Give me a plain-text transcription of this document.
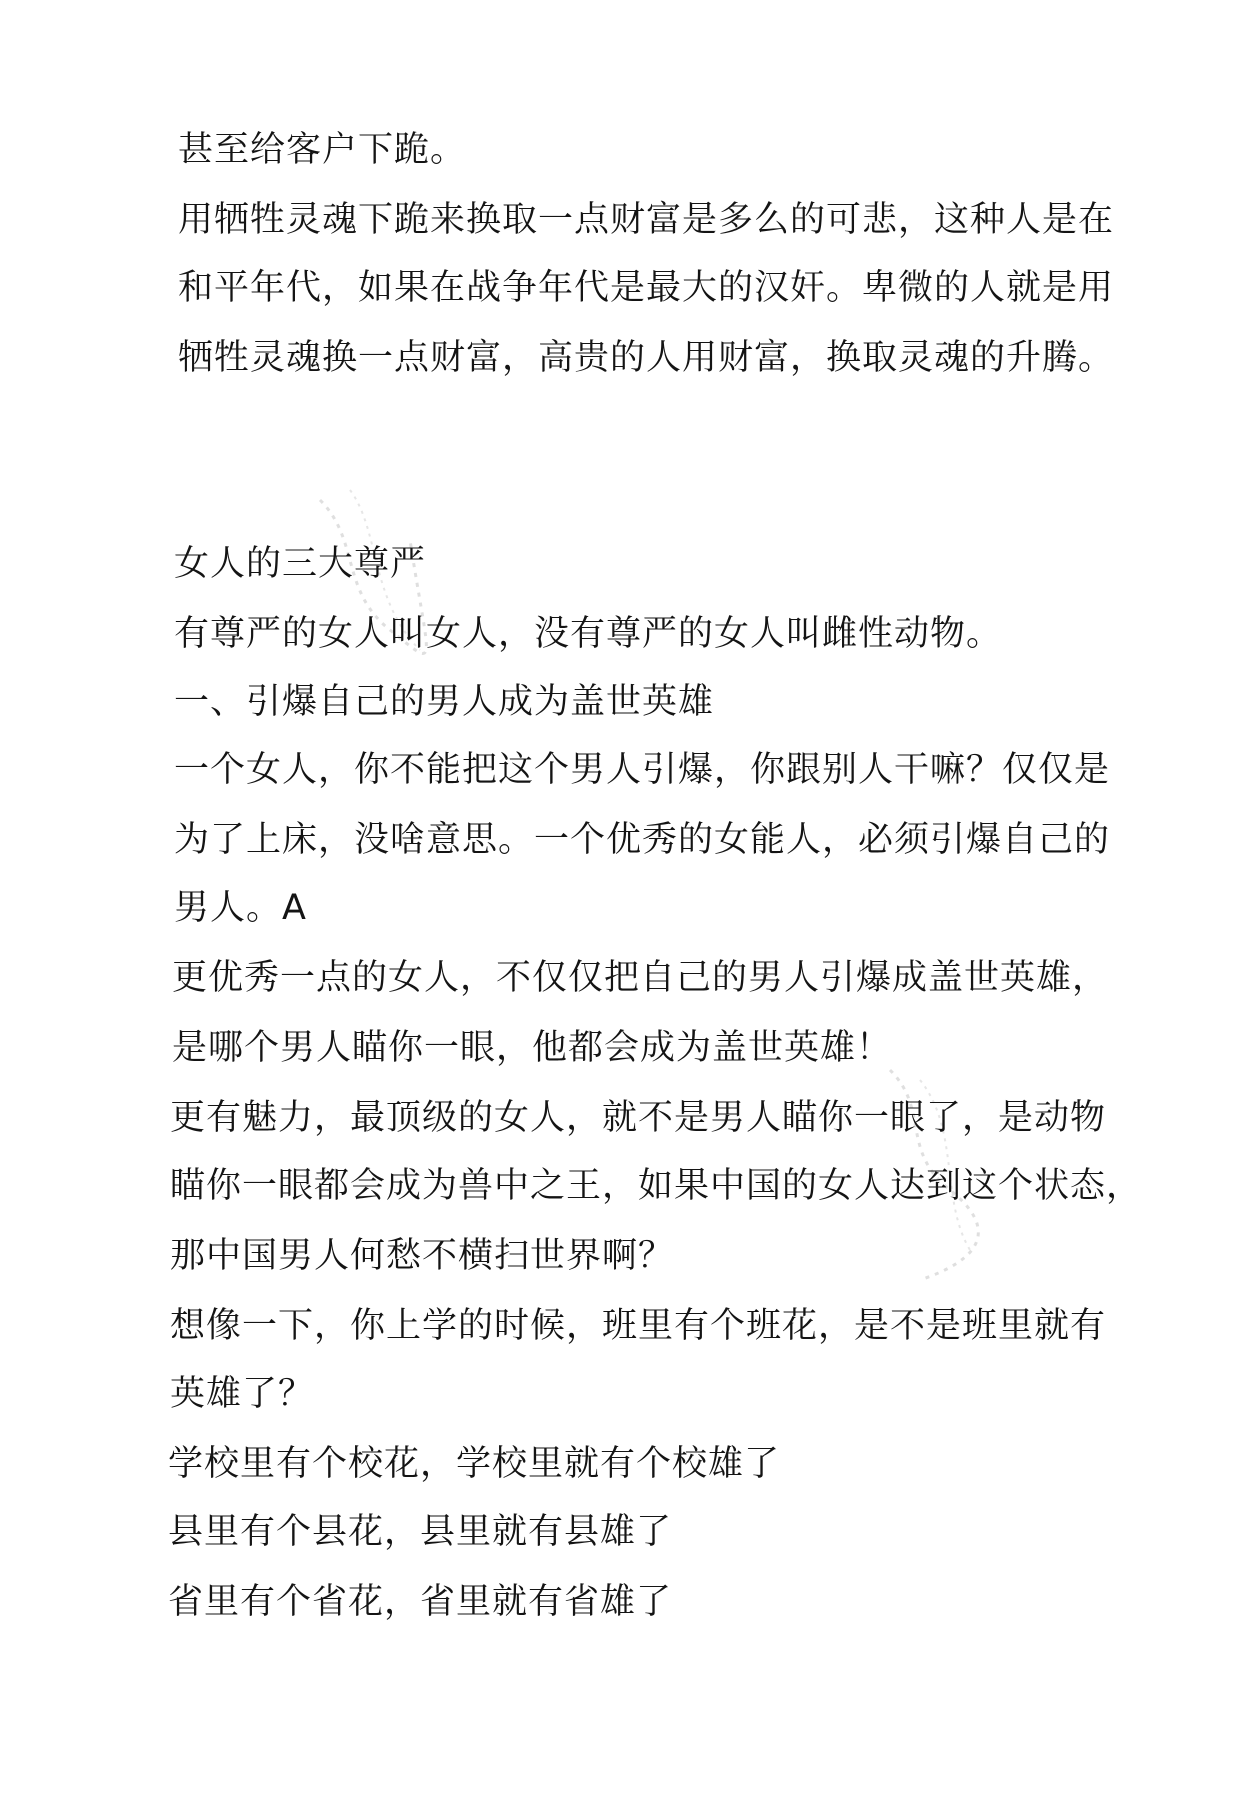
甚至给客户下跪。
用牺牲灵魂下跪来换取一点财富是多么的可悲，这种人是在
和平年代，如果在战争年代是最大的汉奸。卑微的人就是用
牺牲灵魂换一点财富，高贵的人用财富，换取灵魂的升腾。
女人的三大尊严
有尊严的女人叫女人，没有尊严的女人叫雌性动物。
一、引爆自己的男人成为盖世英雄
一个女人，你不能把这个男人引爆，你跟别人干嘛？仅仅是
为了上床，没啥意思。一个优秀的女能人，必须引爆自己的
男人。A
更优秀一点的女人，不仅仅把自己的男人引爆成盖世英雄，
是哪个男人瞄你一眼，他都会成为盖世英雄！
更有魅力，最顶级的女人，就不是男人瞄你一眼了，是动物
瞄你一眼都会成为兽中之王，如果中国的女人达到这个状态，
那中国男人何愁不横扫世界啊？
想像一下，你上学的时候，班里有个班花，是不是班里就有
英雄了？
学校里有个校花，学校里就有个校雄了
县里有个县花，县里就有县雄了
省里有个省花，省里就有省雄了
